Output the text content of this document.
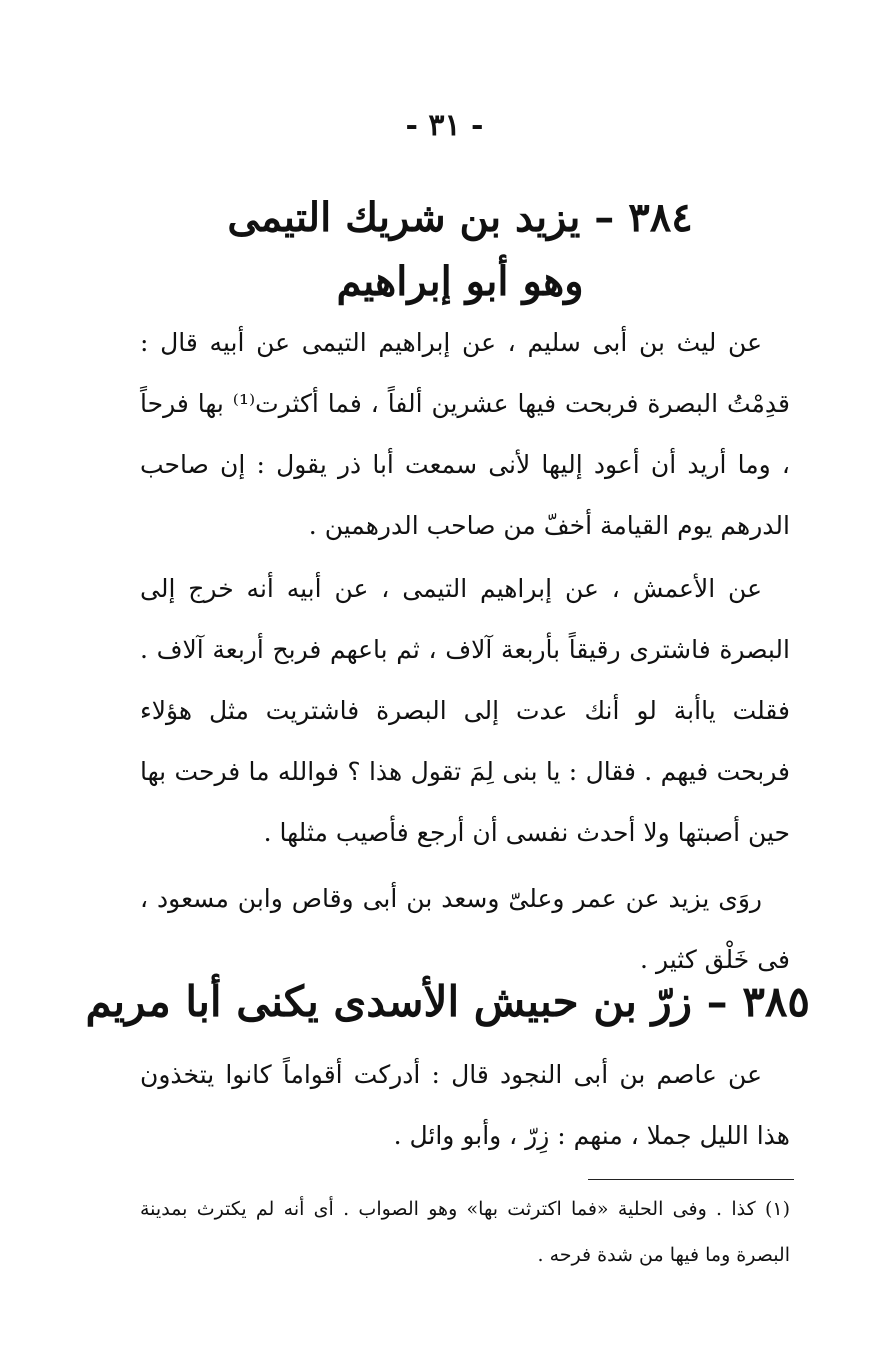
- ٣١ -
٣٨٤ – يزيد بن شريك التيمى
وهو أبو إبراهيم

عن ليث بن أبى سليم ، عن إبراهيم التيمى عن أبيه قال : قدِمْتُ البصرة فربحت فيها عشرين ألفاً ، فما أكثرت⁽¹⁾ بها فرحاً ، وما أريد أن أعود إليها لأنى سمعت أبا ذر يقول : إن صاحب الدرهم يوم القيامة أخفّ من صاحب الدرهمين .

عن الأعمش ، عن إبراهيم التيمى ، عن أبيه أنه خرج إلى البصرة فاشترى رقيقاً بأربعة آلاف ، ثم باعهم فربح أربعة آلاف . فقلت ياأبة لو أنك عدت إلى البصرة فاشتريت مثل هؤلاء فربحت فيهم . فقال : يا بنى لِمَ تقول هذا ؟ فوالله ما فرحت بها حين أصبتها ولا أحدث نفسى أن أرجع فأصيب مثلها .

روَى يزيد عن عمر وعلىّ وسعد بن أبى وقاص وابن مسعود ، فى خَلْق كثير .

٣٨٥ – زرّ بن حبيش الأسدى يكنى أبا مريم

عن عاصم بن أبى النجود قال : أدركت أقواماً كانوا يتخذون هذا الليل جملا ، منهم : زِرّ ، وأبو وائل .

(١) كذا . وفى الحلية «فما اكترثت بها» وهو الصواب . أى أنه لم يكترث بمدينة البصرة وما فيها من شدة فرحه .
